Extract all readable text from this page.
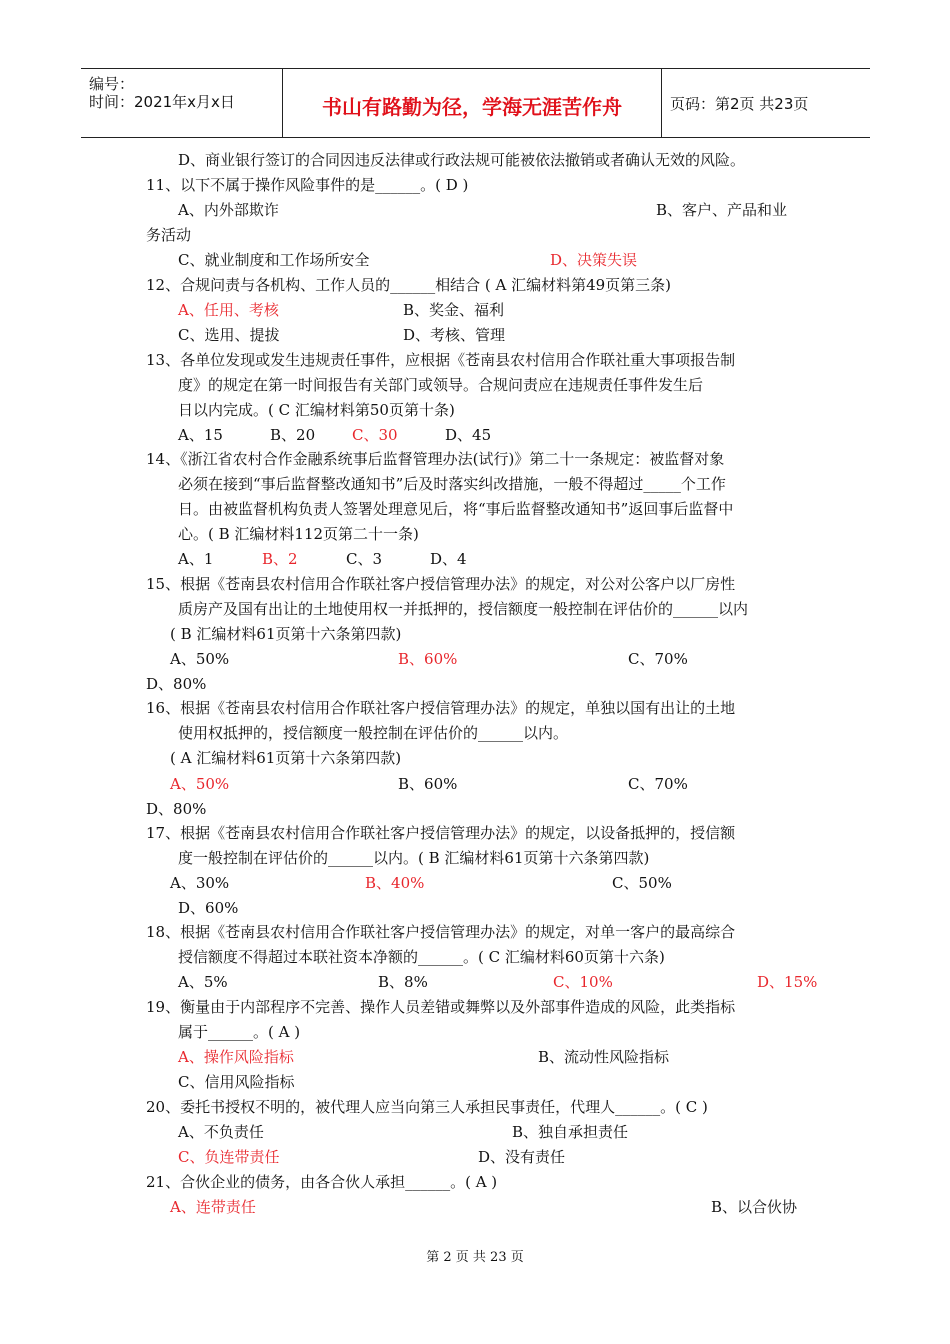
编号：
时间：2021年x月x日	书山有路勤为径，学海无涯苦作舟	页码：第2页 共23页
D、商业银行签订的合同因违反法律或行政法规可能被依法撤销或者确认无效的风险。
11、以下不属于操作风险事件的是______。( D )
A、内外部欺诈	B、客户、产品和业
务活动
C、就业制度和工作场所安全	D、决策失误
12、合规问责与各机构、工作人员的______相结合 ( A 汇编材料第49页第三条)
A、任用、考核	B、奖金、福利
C、选用、提拔	D、考核、管理
13、各单位发现或发生违规责任事件，应根据《苍南县农村信用合作联社重大事项报告制
度》的规定在第一时间报告有关部门或领导。合规问责应在违规责任事件发生后
日以内完成。( C 汇编材料第50页第十条)
A、15	B、20 C、30	D、45
14、《浙江省农村合作金融系统事后监督管理办法(试行)》第二十一条规定：被监督对象
必须在接到“事后监督整改通知书”后及时落实纠改措施，一般不得超过_____个工作
日。由被监督机构负责人签署处理意见后，将“事后监督整改通知书”返回事后监督中
心。( B 汇编材料112页第二十一条)
A、1	B、2	C、3	D、4
15、根据《苍南县农村信用合作联社客户授信管理办法》的规定，对公对公客户以厂房性
质房产及国有出让的土地使用权一并抵押的，授信额度一般控制在评估价的______以内
( B 汇编材料61页第十六条第四款)
A、50%	B、60%	C、70%
D、80%
16、根据《苍南县农村信用合作联社客户授信管理办法》的规定，单独以国有出让的土地
使用权抵押的，授信额度一般控制在评估价的______以内。
( A 汇编材料61页第十六条第四款)
A、50%	B、60%	C、70%
D、80%
17、根据《苍南县农村信用合作联社客户授信管理办法》的规定，以设备抵押的，授信额
度一般控制在评估价的______以内。( B 汇编材料61页第十六条第四款)
A、30%	B、40%	C、50%
D、60%
18、根据《苍南县农村信用合作联社客户授信管理办法》的规定，对单一客户的最高综合
授信额度不得超过本联社资本净额的______。( C 汇编材料60页第十六条)
A、5%	B、8%	C、10%	D、15%
19、衡量由于内部程序不完善、操作人员差错或舞弊以及外部事件造成的风险，此类指标
属于______。( A )
A、操作风险指标	B、流动性风险指标
C、信用风险指标
20、委托书授权不明的，被代理人应当向第三人承担民事责任，代理人______。( C )
A、不负责任	B、独自承担责任
C、负连带责任	D、没有责任
21、合伙企业的债务，由各合伙人承担______。( A )
A、连带责任	B、以合伙协
第 2 页 共 23 页
